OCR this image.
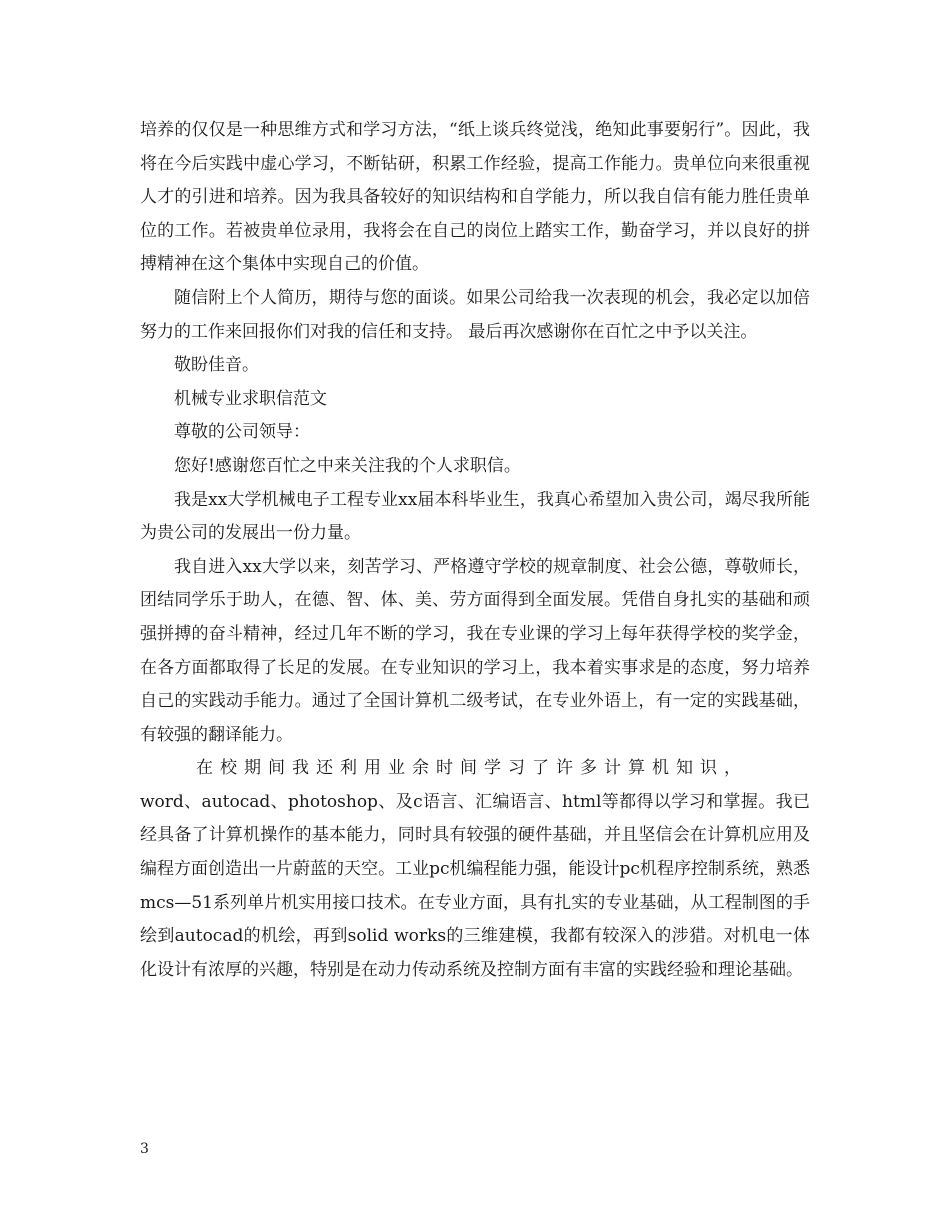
培养的仅仅是一种思维方式和学习方法，“纸上谈兵终觉浅，绝知此事要躬行”。因此，我将在今后实践中虚心学习，不断钻研，积累工作经验，提高工作能力。贵单位向来很重视人才的引进和培养。因为我具备较好的知识结构和自学能力，所以我自信有能力胜任贵单位的工作。若被贵单位录用，我将会在自己的岗位上踏实工作，勤奋学习，并以良好的拼搏精神在这个集体中实现自己的价值。

随信附上个人简历，期待与您的面谈。如果公司给我一次表现的机会，我必定以加倍努力的工作来回报你们对我的信任和支持。 最后再次感谢你在百忙之中予以关注。

敬盼佳音。

机械专业求职信范文

尊敬的公司领导：

您好!感谢您百忙之中来关注我的个人求职信。

我是xx大学机械电子工程专业xx届本科毕业生，我真心希望加入贵公司，竭尽我所能为贵公司的发展出一份力量。

我自进入xx大学以来，刻苦学习、严格遵守学校的规章制度、社会公德，尊敬师长，团结同学乐于助人，在德、智、体、美、劳方面得到全面发展。凭借自身扎实的基础和顽强拼搏的奋斗精神，经过几年不断的学习，我在专业课的学习上每年获得学校的奖学金，在各方面都取得了长足的发展。在专业知识的学习上，我本着实事求是的态度，努力培养自己的实践动手能力。通过了全国计算机二级考试，在专业外语上，有一定的实践基础，有较强的翻译能力。

在校期间我还利用业余时间学习了许多计算机知识，

word、autocad、photoshop、及c语言、汇编语言、html等都得以学习和掌握。我已经具备了计算机操作的基本能力，同时具有较强的硬件基础，并且坚信会在计算机应用及编程方面创造出一片蔚蓝的天空。工业pc机编程能力强，能设计pc机程序控制系统，熟悉mcs—51系列单片机实用接口技术。在专业方面，具有扎实的专业基础，从工程制图的手绘到autocad的机绘，再到solid works的三维建模，我都有较深入的涉猎。对机电一体化设计有浓厚的兴趣，特别是在动力传动系统及控制方面有丰富的实践经验和理论基础。

3
